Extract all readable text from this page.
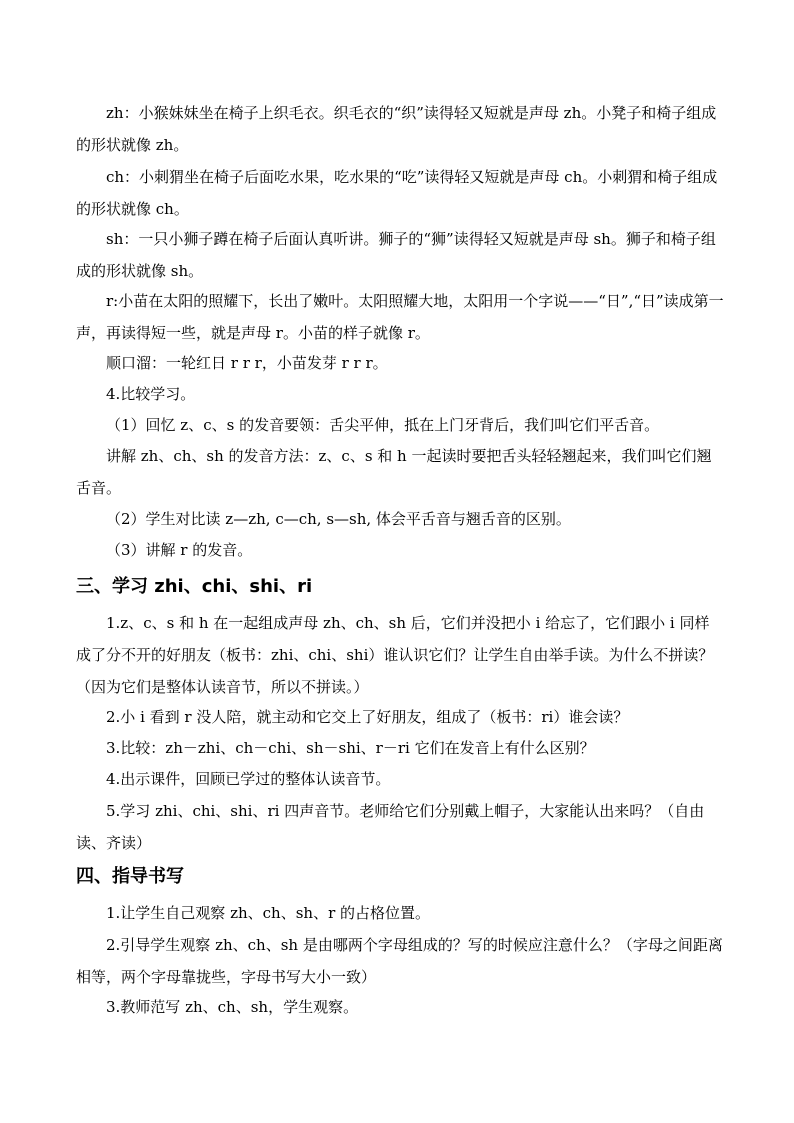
zh：小猴妹妹坐在椅子上织毛衣。织毛衣的“织”读得轻又短就是声母 zh。小凳子和椅子组成的形状就像 zh。

ch：小刺猬坐在椅子后面吃水果，吃水果的“吃”读得轻又短就是声母 ch。小刺猬和椅子组成的形状就像 ch。

sh：一只小狮子蹲在椅子后面认真听讲。狮子的“狮”读得轻又短就是声母 sh。狮子和椅子组成的形状就像 sh。

r:小苗在太阳的照耀下，长出了嫩叶。太阳照耀大地，太阳用一个字说——“日”,“日”读成第一声，再读得短一些，就是声母 r。小苗的样子就像 r。

顺口溜：一轮红日 r r r，小苗发芽 r r r。

4.比较学习。

（1）回忆 z、c、s 的发音要领：舌尖平伸，抵在上门牙背后，我们叫它们平舌音。

讲解 zh、ch、sh 的发音方法：z、c、s 和 h 一起读时要把舌头轻轻翘起来，我们叫它们翘舌音。

（2）学生对比读 z—zh, c—ch, s—sh, 体会平舌音与翘舌音的区别。

（3）讲解 r 的发音。

三、学习 zhi、chi、shi、ri

1.z、c、s 和 h 在一起组成声母 zh、ch、sh 后，它们并没把小 i 给忘了，它们跟小 i 同样成了分不开的好朋友（板书：zhi、chi、shi）谁认识它们？让学生自由举手读。为什么不拼读？（因为它们是整体认读音节，所以不拼读。）

2.小 i 看到 r 没人陪，就主动和它交上了好朋友，组成了（板书：ri）谁会读？

3.比较：zh－zhi、ch－chi、sh－shi、r－ri 它们在发音上有什么区别？

4.出示课件，回顾已学过的整体认读音节。

5.学习 zhi、chi、shi、ri 四声音节。老师给它们分别戴上帽子，大家能认出来吗？（自由读、齐读）

四、指导书写

1.让学生自己观察 zh、ch、sh、r 的占格位置。

2.引导学生观察 zh、ch、sh 是由哪两个字母组成的？写的时候应注意什么？（字母之间距离相等，两个字母靠拢些，字母书写大小一致）

3.教师范写 zh、ch、sh，学生观察。
